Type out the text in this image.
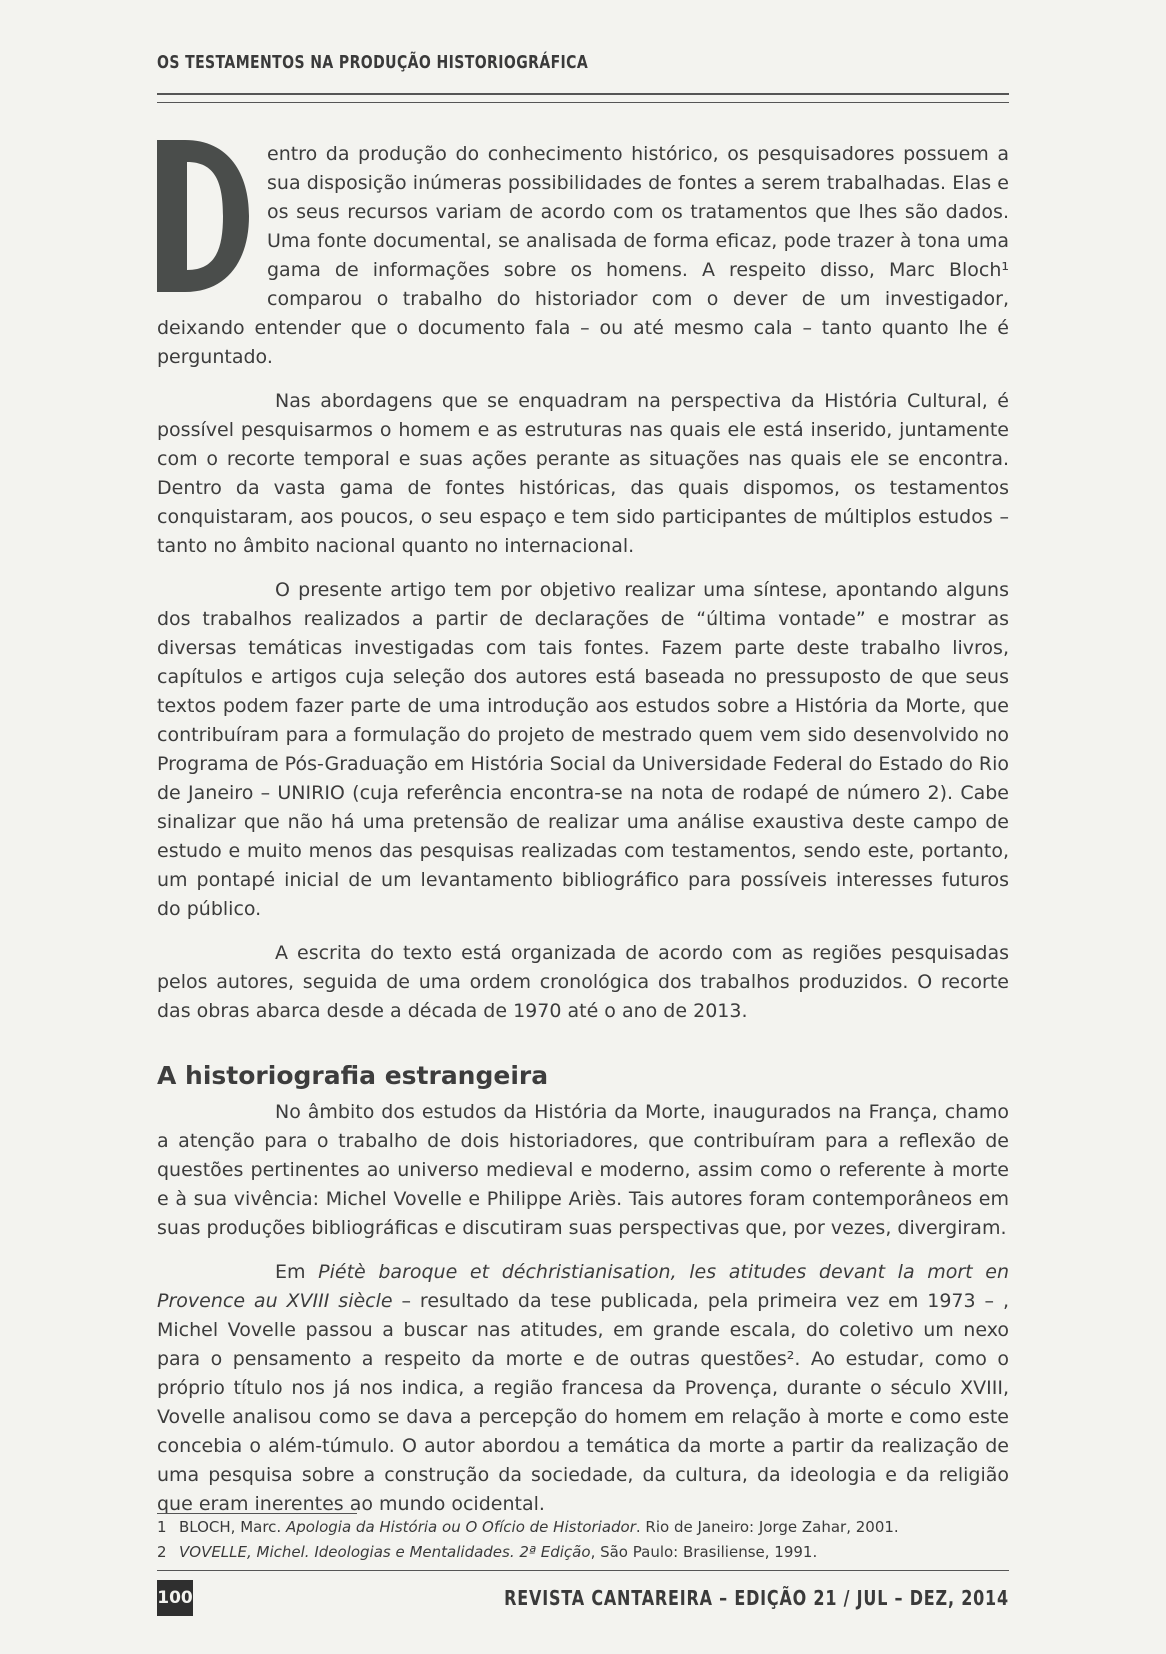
OS TESTAMENTOS NA PRODUÇÃO HISTORIOGRÁFICA

entro da produção do conhecimento histórico, os pesquisadores possuem a sua disposição inúmeras possibilidades de fontes a serem trabalhadas. Elas e os seus recursos variam de acordo com os tratamentos que lhes são dados. Uma fonte documental, se analisada de forma eficaz, pode trazer à tona uma gama de informações sobre os homens. A respeito disso, Marc Bloch¹ comparou o trabalho do historiador com o dever de um investigador, deixando entender que o documento fala – ou até mesmo cala – tanto quanto lhe é perguntado.

Nas abordagens que se enquadram na perspectiva da História Cultural, é possível pesquisarmos o homem e as estruturas nas quais ele está inserido, juntamente com o recorte temporal e suas ações perante as situações nas quais ele se encontra. Dentro da vasta gama de fontes históricas, das quais dispomos, os testamentos conquistaram, aos poucos, o seu espaço e tem sido participantes de múltiplos estudos – tanto no âmbito nacional quanto no internacional.

O presente artigo tem por objetivo realizar uma síntese, apontando alguns dos trabalhos realizados a partir de declarações de “última vontade” e mostrar as diversas temáticas investigadas com tais fontes. Fazem parte deste trabalho livros, capítulos e artigos cuja seleção dos autores está baseada no pressuposto de que seus textos podem fazer parte de uma introdução aos estudos sobre a História da Morte, que contribuíram para a formulação do projeto de mestrado quem vem sido desenvolvido no Programa de Pós-Graduação em História Social da Universidade Federal do Estado do Rio de Janeiro – UNIRIO (cuja referência encontra-se na nota de rodapé de número 2). Cabe sinalizar que não há uma pretensão de realizar uma análise exaustiva deste campo de estudo e muito menos das pesquisas realizadas com testamentos, sendo este, portanto, um pontapé inicial de um levantamento bibliográfico para possíveis interesses futuros do público.

A escrita do texto está organizada de acordo com as regiões pesquisadas pelos autores, seguida de uma ordem cronológica dos trabalhos produzidos. O recorte das obras abarca desde a década de 1970 até o ano de 2013.

A historiografia estrangeira

No âmbito dos estudos da História da Morte, inaugurados na França, chamo a atenção para o trabalho de dois historiadores, que contribuíram para a reflexão de questões pertinentes ao universo medieval e moderno, assim como o referente à morte e à sua vivência: Michel Vovelle e Philippe Ariès. Tais autores foram contemporâneos em suas produções bibliográficas e discutiram suas perspectivas que, por vezes, divergiram.

Em Piétè baroque et déchristianisation, les atitudes devant la mort en Provence au XVIII siècle – resultado da tese publicada, pela primeira vez em 1973 – , Michel Vovelle passou a buscar nas atitudes, em grande escala, do coletivo um nexo para o pensamento a respeito da morte e de outras questões². Ao estudar, como o próprio título nos já nos indica, a região francesa da Provença, durante o século XVIII, Vovelle analisou como se dava a percepção do homem em relação à morte e como este concebia o além-túmulo. O autor abordou a temática da morte a partir da realização de uma pesquisa sobre a construção da sociedade, da cultura, da ideologia e da religião que eram inerentes ao mundo ocidental.

1 BLOCH, Marc. Apologia da História ou O Ofício de Historiador. Rio de Janeiro: Jorge Zahar, 2001.
2 VOVELLE, Michel. Ideologias e Mentalidades. 2ª Edição, São Paulo: Brasiliense, 1991.
100	REVISTA CANTAREIRA – EDIÇÃO 21 / JUL – DEZ, 2014
